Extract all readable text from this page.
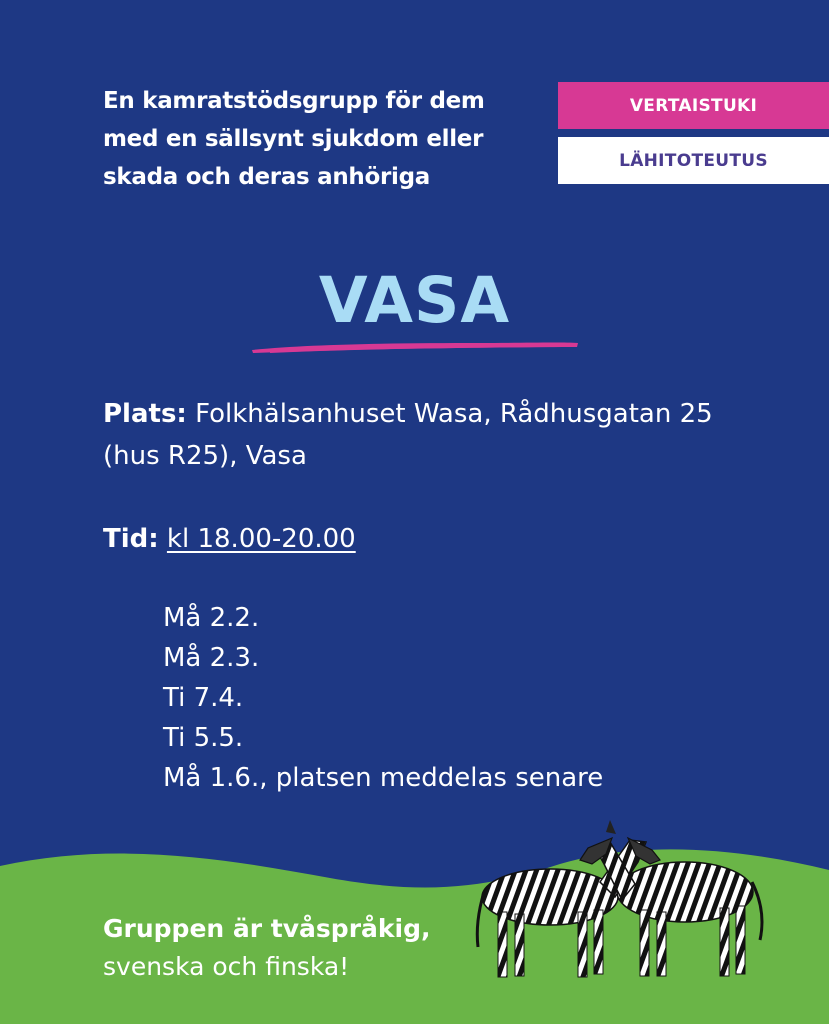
En kamratstödsgrupp för dem med en sällsynt sjukdom eller skada och deras anhöriga
VERTAISTUKI
LÄHITOTEUTUS
VASA
Plats: Folkhälsanhuset Wasa, Rådhusgatan 25 (hus R25), Vasa
Tid: kl 18.00-20.00
Må 2.2.
Må 2.3.
Ti 7.4.
Ti 5.5.
Må 1.6., platsen meddelas senare
Gruppen är tvåspråkig,
svenska och finska!
